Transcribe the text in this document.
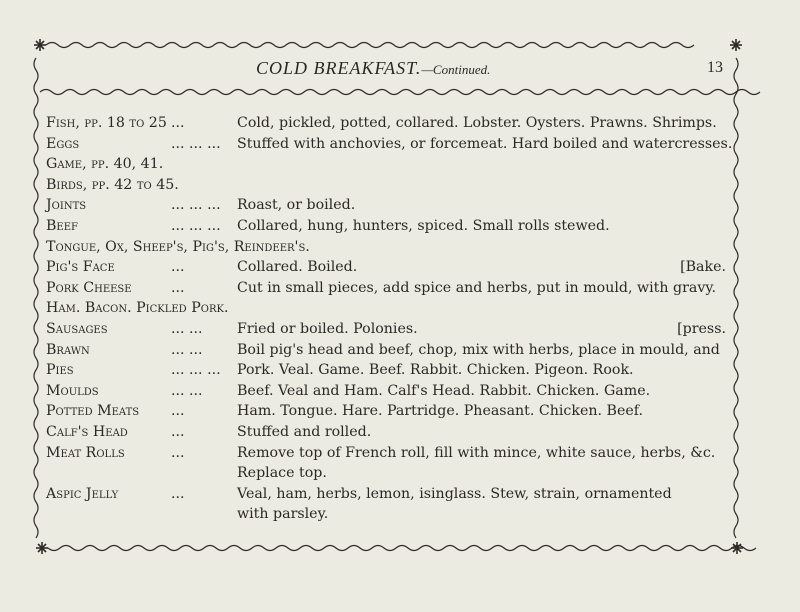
COLD BREAKFAST.—Continued.	13
Fish, pp. 18 to 25 ...	Cold, pickled, potted, collared. Lobster. Oysters. Prawns. Shrimps.
Eggs	... ... ...	Stuffed with anchovies, or forcemeat. Hard boiled and watercresses.
Game, pp. 40, 41.
Birds, pp. 42 to 45.
Joints	... ... ...	Roast, or boiled.
Beef	... ... ...	Collared, hung, hunters, spiced. Small rolls stewed.
Tongue, Ox, Sheep's, Pig's, Reindeer's.
Pig's Face	...	Collared. Boiled.	[Bake.
Pork Cheese	...	Cut in small pieces, add spice and herbs, put in mould, with gravy.
Ham. Bacon. Pickled Pork.
Sausages	... ...	Fried or boiled. Polonies.	[press.
Brawn	... ...	Boil pig's head and beef, chop, mix with herbs, place in mould, and
Pies	... ... ...	Pork. Veal. Game. Beef. Rabbit. Chicken. Pigeon. Rook.
Moulds	... ...	Beef. Veal and Ham. Calf's Head. Rabbit. Chicken. Game.
Potted Meats	...	Ham. Tongue. Hare. Partridge. Pheasant. Chicken. Beef.
Calf's Head	...	Stuffed and rolled.
Meat Rolls	...	Remove top of French roll, fill with mince, white sauce, herbs, &c.
Replace top.
Aspic Jelly	...	Veal, ham, herbs, lemon, isinglass. Stew, strain, ornamented
with parsley.
